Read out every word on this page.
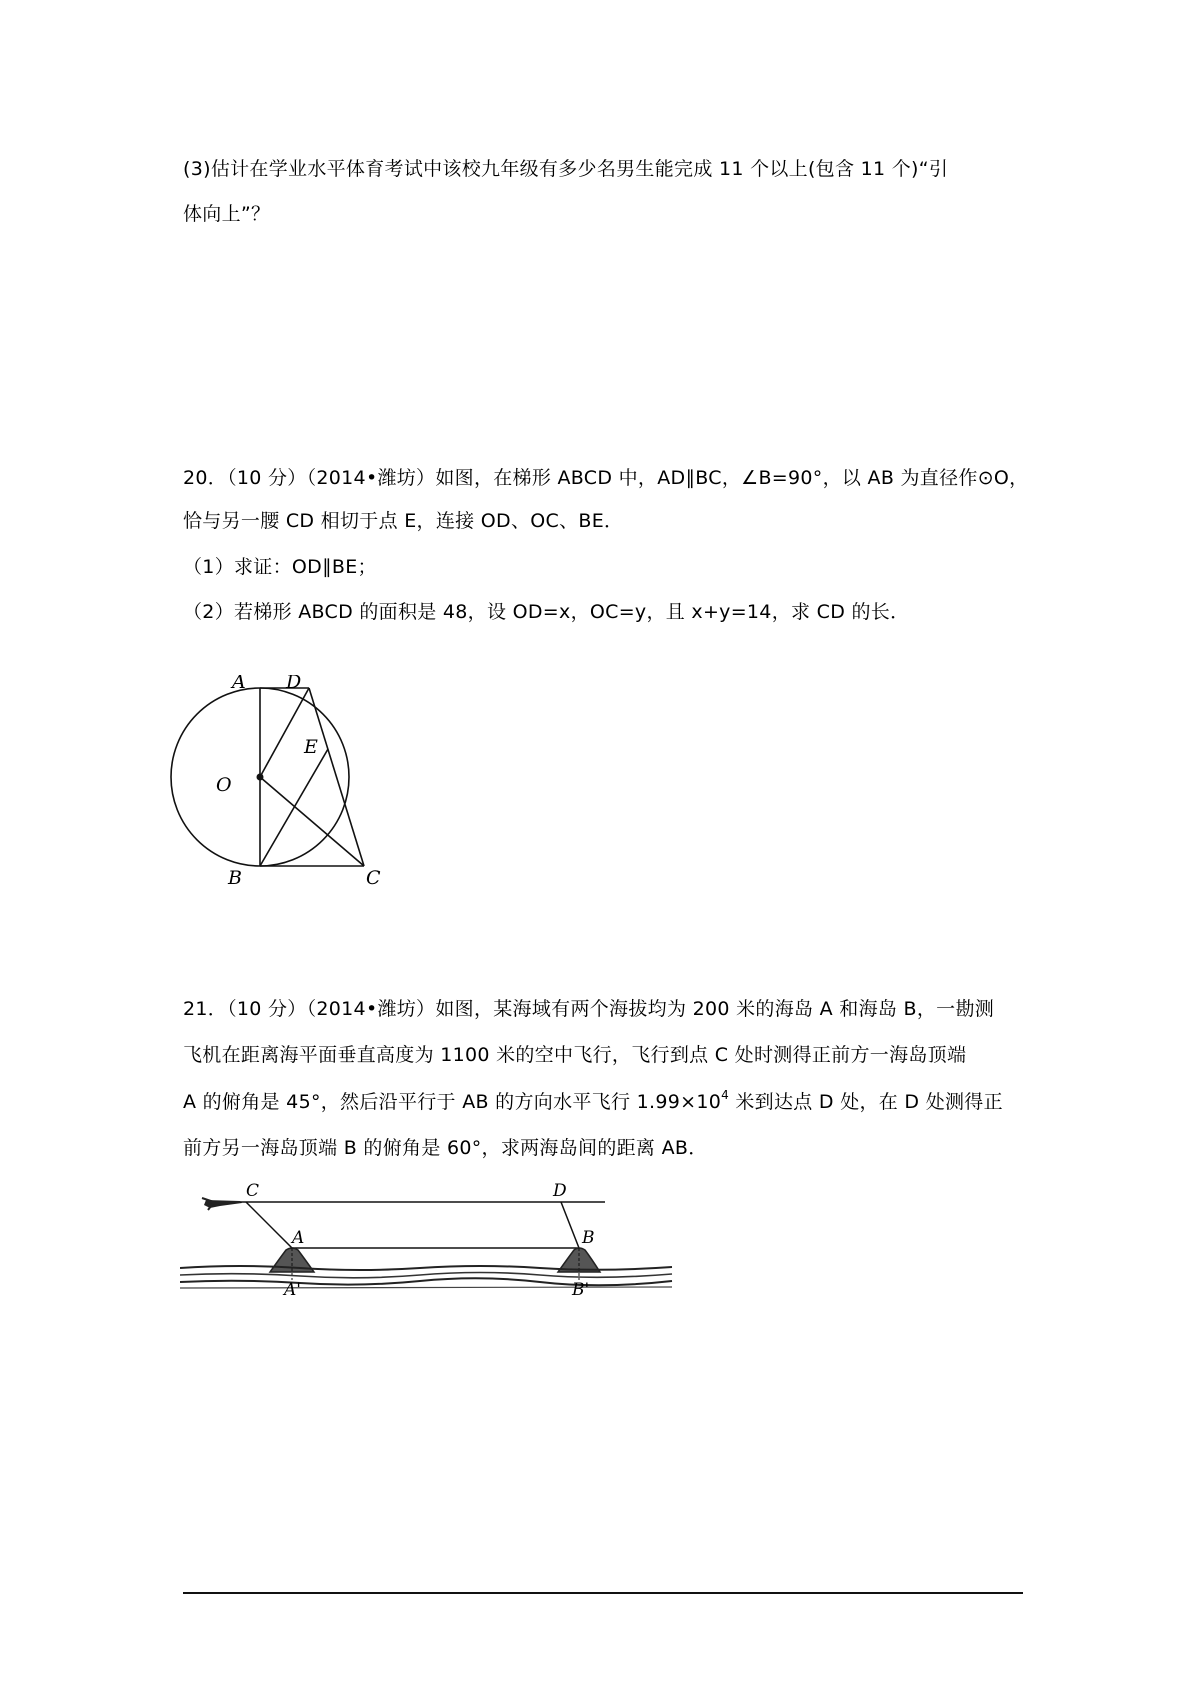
(3)估计在学业水平体育考试中该校九年级有多少名男生能完成 11 个以上(包含 11 个)“引
体向上”？
20．（10 分）（2014•潍坊）如图，在梯形 ABCD 中，AD∥BC，∠B=90°，以 AB 为直径作⊙O，
恰与另一腰 CD 相切于点 E，连接 OD、OC、BE．
（1）求证：OD∥BE；
（2）若梯形 ABCD 的面积是 48，设 OD=x，OC=y，且 x+y=14，求 CD 的长．
A D
E
O
B	C
21．（10 分）（2014•潍坊）如图，某海域有两个海拔均为 200 米的海岛 A 和海岛 B，一勘测
飞机在距离海平面垂直高度为 1100 米的空中飞行，飞行到点 C 处时测得正前方一海岛顶端
A 的俯角是 45°，然后沿平行于 AB 的方向水平飞行 $1.99\times 10^4$ 米到达点 D 处，在 D 处测得正
前方另一海岛顶端 B 的俯角是 60°，求两海岛间的距离 AB．
C	D
A	B
A'	B'
